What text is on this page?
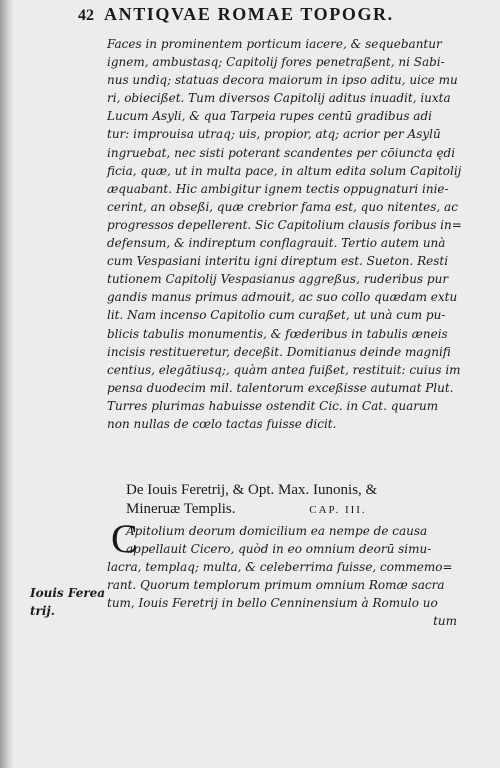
42 ANTIQVAE ROMAE TOPOGR.
Faces in prominentem porticum iacere, & sequebantur
ignem, ambustasq; Capitolij fores penetraßent, ni Sabi-
nus undiq; statuas decora maiorum in ipso aditu, uice mu
ri, obiecißet. Tum diversos Capitolij aditus inuadit, iuxta
Lucum Asyli, & qua Tarpeia rupes centū gradibus adi
tur: improuisa utraq; uis, propior, atq; acrior per Asylū
ingruebat, nec sisti poterant scandentes per cōiuncta ędi
ficia, quæ, ut in multa pace, in altum edita solum Capitolij
æquabant. Hic ambigitur ignem tectis oppugnaturi inie-
cerint, an obseßi, quæ crebrior fama est, quo nitentes, ac
progressos depellerent. Sic Capitolium clausis foribus in=
defensum, & indireptum conflagrauit. Tertio autem unà
cum Vespasiani interitu igni direptum est. Sueton. Resti
tutionem Capitolij Vespasianus aggreßus, ruderibus pur
gandis manus primus admouit, ac suo collo quædam extu
lit. Nam incenso Capitolio cum curaßet, ut unà cum pu-
blicis tabulis monumentis, & fœderibus in tabulis æneis
incisis restitueretur, deceßit. Domitianus deinde magnifi
centius, elegātiusq;, quàm antea fuißet, restituit: cuius im
pensa duodecim mil. talentorum exceßisse autumat Plut.
Turres plurimas habuisse ostendit Cic. in Cat. quarum
non nullas de cœlo tactas fuisse dicit.
De Iouis Feretrij, & Opt. Max. Iunonis, &
Mineruæ Templis.	CAP. III.
C
Apitolium deorum domicilium ea nempe de causa
appellauit Cicero, quòd in eo omnium deorū simu-
lacra, templaq; multa, & celeberrima fuisse, commemo=
rant. Quorum templorum primum omnium Romæ sacra
tum, Iouis Feretrij in bello Cenninensium à Romulo uo
tum
Iouis Ferea
trij.
